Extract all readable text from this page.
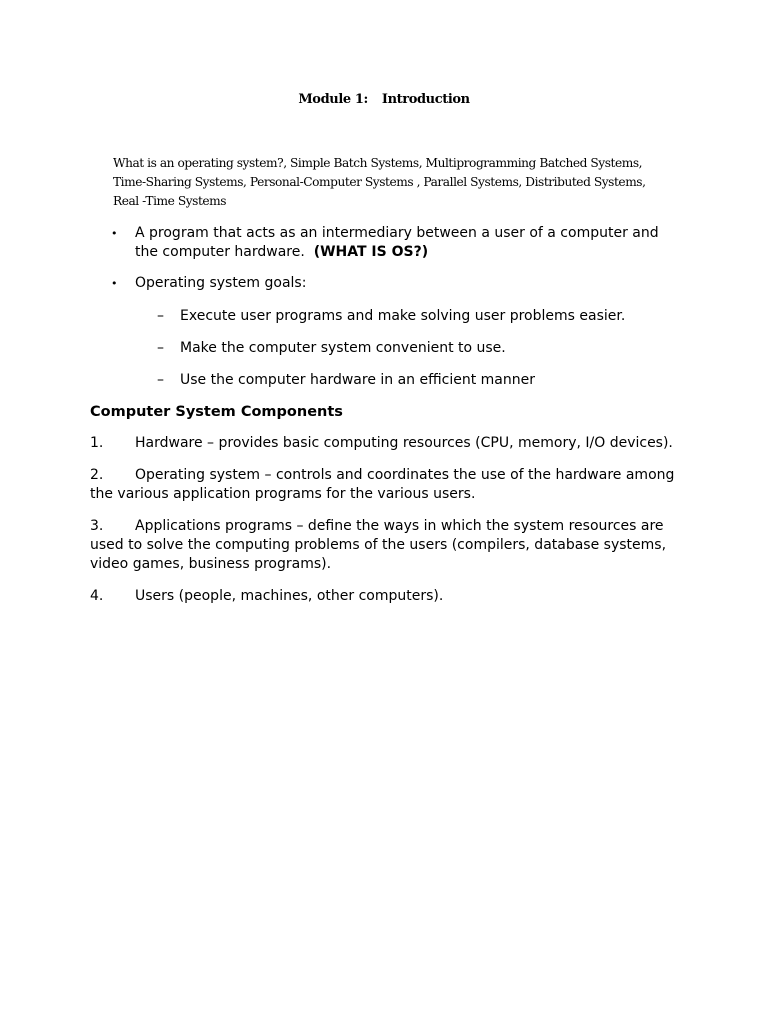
Module 1: Introduction
What is an operating system?, Simple Batch Systems, Multiprogramming Batched Systems, Time-Sharing Systems, Personal-Computer Systems , Parallel Systems, Distributed Systems, Real -Time Systems
• A program that acts as an intermediary between a user of a computer and the computer hardware. (WHAT IS OS?)
• Operating system goals:
– Execute user programs and make solving user problems easier.
– Make the computer system convenient to use.
– Use the computer hardware in an efficient manner
Computer System Components
1. Hardware – provides basic computing resources (CPU, memory, I/O devices).
2. Operating system – controls and coordinates the use of the hardware among the various application programs for the various users.
3. Applications programs – define the ways in which the system resources are used to solve the computing problems of the users (compilers, database systems, video games, business programs).
4. Users (people, machines, other computers).
